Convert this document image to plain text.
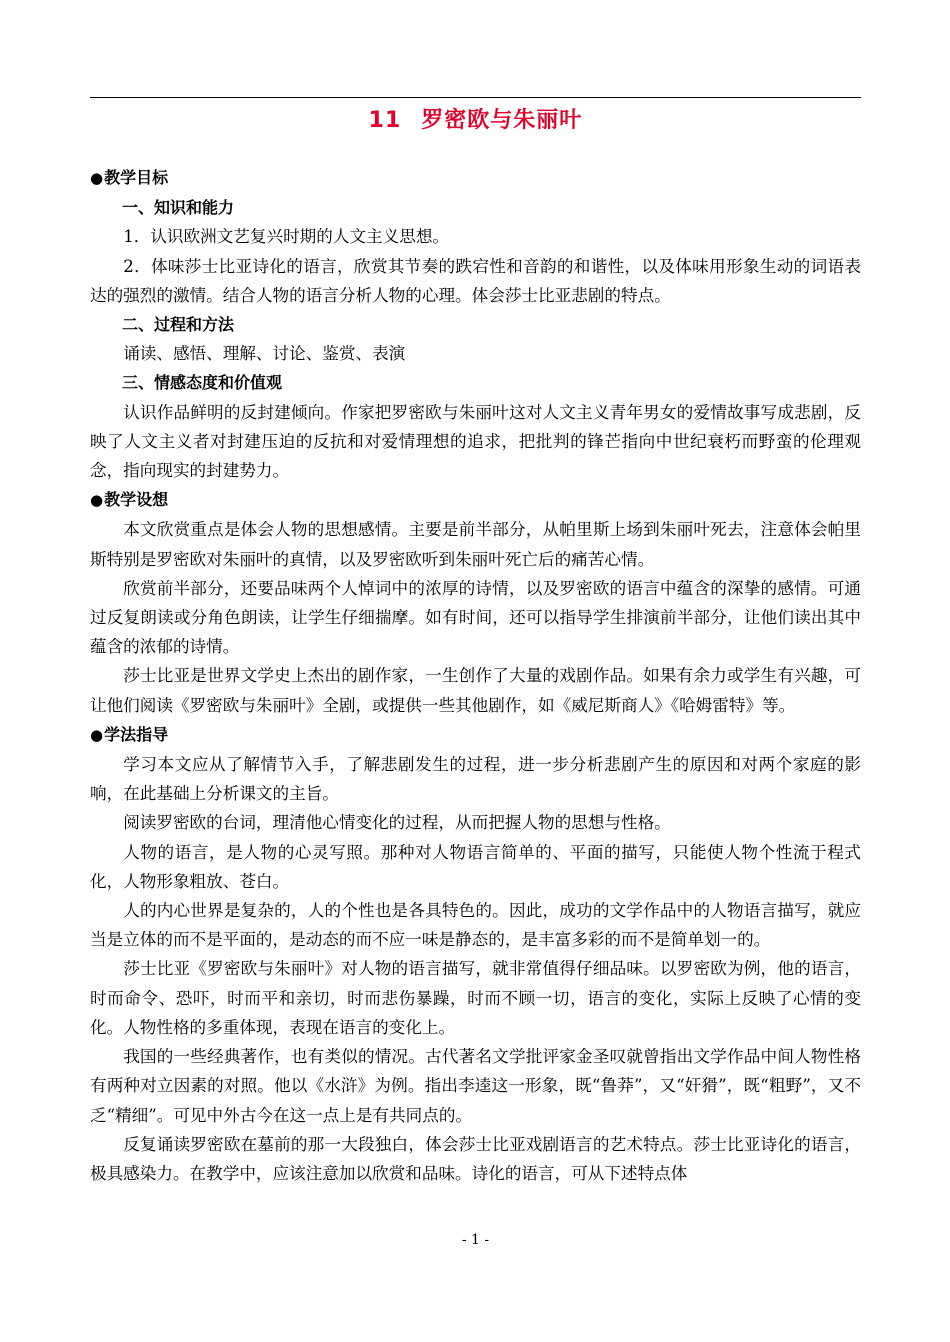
11 罗密欧与朱丽叶
●教学目标
一、知识和能力

1．认识欧洲文艺复兴时期的人文主义思想。

2．体味莎士比亚诗化的语言，欣赏其节奏的跌宕性和音韵的和谐性，以及体味用形象生动的词语表达的强烈的激情。结合人物的语言分析人物的心理。体会莎士比亚悲剧的特点。

二、过程和方法

诵读、感悟、理解、讨论、鉴赏、表演

三、情感态度和价值观

认识作品鲜明的反封建倾向。作家把罗密欧与朱丽叶这对人文主义青年男女的爱情故事写成悲剧，反映了人文主义者对封建压迫的反抗和对爱情理想的追求，把批判的锋芒指向中世纪衰朽而野蛮的伦理观念，指向现实的封建势力。

●教学设想

本文欣赏重点是体会人物的思想感情。主要是前半部分，从帕里斯上场到朱丽叶死去，注意体会帕里斯特别是罗密欧对朱丽叶的真情，以及罗密欧听到朱丽叶死亡后的痛苦心情。

欣赏前半部分，还要品味两个人悼词中的浓厚的诗情，以及罗密欧的语言中蕴含的深挚的感情。可通过反复朗读或分角色朗读，让学生仔细揣摩。如有时间，还可以指导学生排演前半部分，让他们读出其中蕴含的浓郁的诗情。

莎士比亚是世界文学史上杰出的剧作家，一生创作了大量的戏剧作品。如果有余力或学生有兴趣，可让他们阅读《罗密欧与朱丽叶》全剧，或提供一些其他剧作，如《威尼斯商人》《哈姆雷特》等。

●学法指导

学习本文应从了解情节入手，了解悲剧发生的过程，进一步分析悲剧产生的原因和对两个家庭的影响，在此基础上分析课文的主旨。

阅读罗密欧的台词，理清他心情变化的过程，从而把握人物的思想与性格。

人物的语言，是人物的心灵写照。那种对人物语言简单的、平面的描写，只能使人物个性流于程式化，人物形象粗放、苍白。

人的内心世界是复杂的，人的个性也是各具特色的。因此，成功的文学作品中的人物语言描写，就应当是立体的而不是平面的，是动态的而不应一味是静态的，是丰富多彩的而不是简单划一的。

莎士比亚《罗密欧与朱丽叶》对人物的语言描写，就非常值得仔细品味。以罗密欧为例，他的语言，时而命令、恐吓，时而平和亲切，时而悲伤暴躁，时而不顾一切，语言的变化，实际上反映了心情的变化。人物性格的多重体现，表现在语言的变化上。

我国的一些经典著作，也有类似的情况。古代著名文学批评家金圣叹就曾指出文学作品中间人物性格有两种对立因素的对照。他以《水浒》为例。指出李逵这一形象，既“鲁莽”，又“奸猾”，既“粗野”，又不乏“精细”。可见中外古今在这一点上是有共同点的。

反复诵读罗密欧在墓前的那一大段独白，体会莎士比亚戏剧语言的艺术特点。莎士比亚诗化的语言，极具感染力。在教学中，应该注意加以欣赏和品味。诗化的语言，可从下述特点体

- 1 -
